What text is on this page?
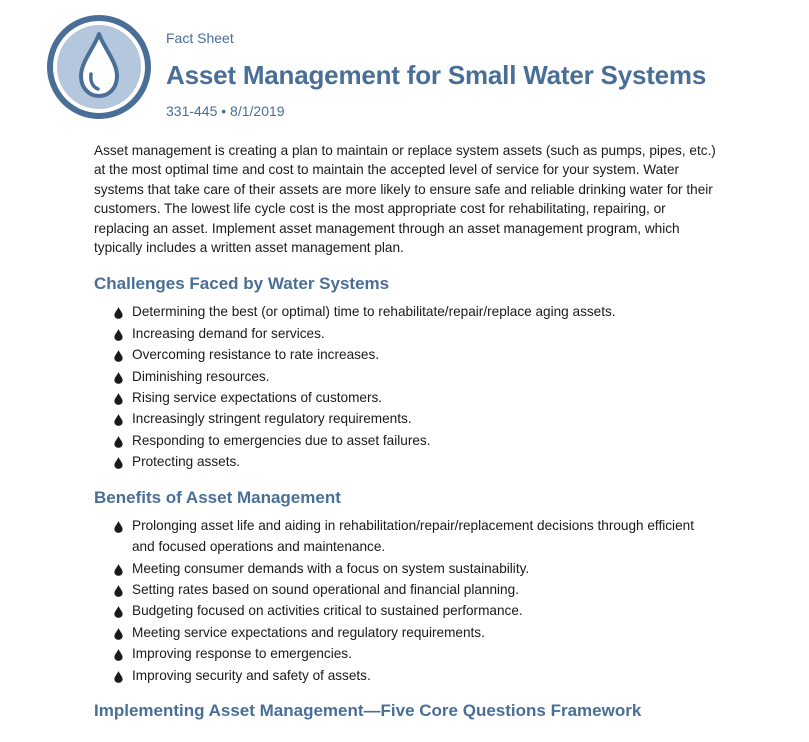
Fact Sheet

Asset Management for Small Water Systems

331-445 • 8/1/2019

Asset management is creating a plan to maintain or replace system assets (such as pumps, pipes, etc.) at the most optimal time and cost to maintain the accepted level of service for your system. Water systems that take care of their assets are more likely to ensure safe and reliable drinking water for their customers. The lowest life cycle cost is the most appropriate cost for rehabilitating, repairing, or replacing an asset. Implement asset management through an asset management program, which typically includes a written asset management plan.

Challenges Faced by Water Systems
Determining the best (or optimal) time to rehabilitate/repair/replace aging assets.
Increasing demand for services.
Overcoming resistance to rate increases.
Diminishing resources.
Rising service expectations of customers.
Increasingly stringent regulatory requirements.
Responding to emergencies due to asset failures.
Protecting assets.
Benefits of Asset Management
Prolonging asset life and aiding in rehabilitation/repair/replacement decisions through efficient and focused operations and maintenance.
Meeting consumer demands with a focus on system sustainability.
Setting rates based on sound operational and financial planning.
Budgeting focused on activities critical to sustained performance.
Meeting service expectations and regulatory requirements.
Improving response to emergencies.
Improving security and safety of assets.
Implementing Asset Management—Five Core Questions Framework
